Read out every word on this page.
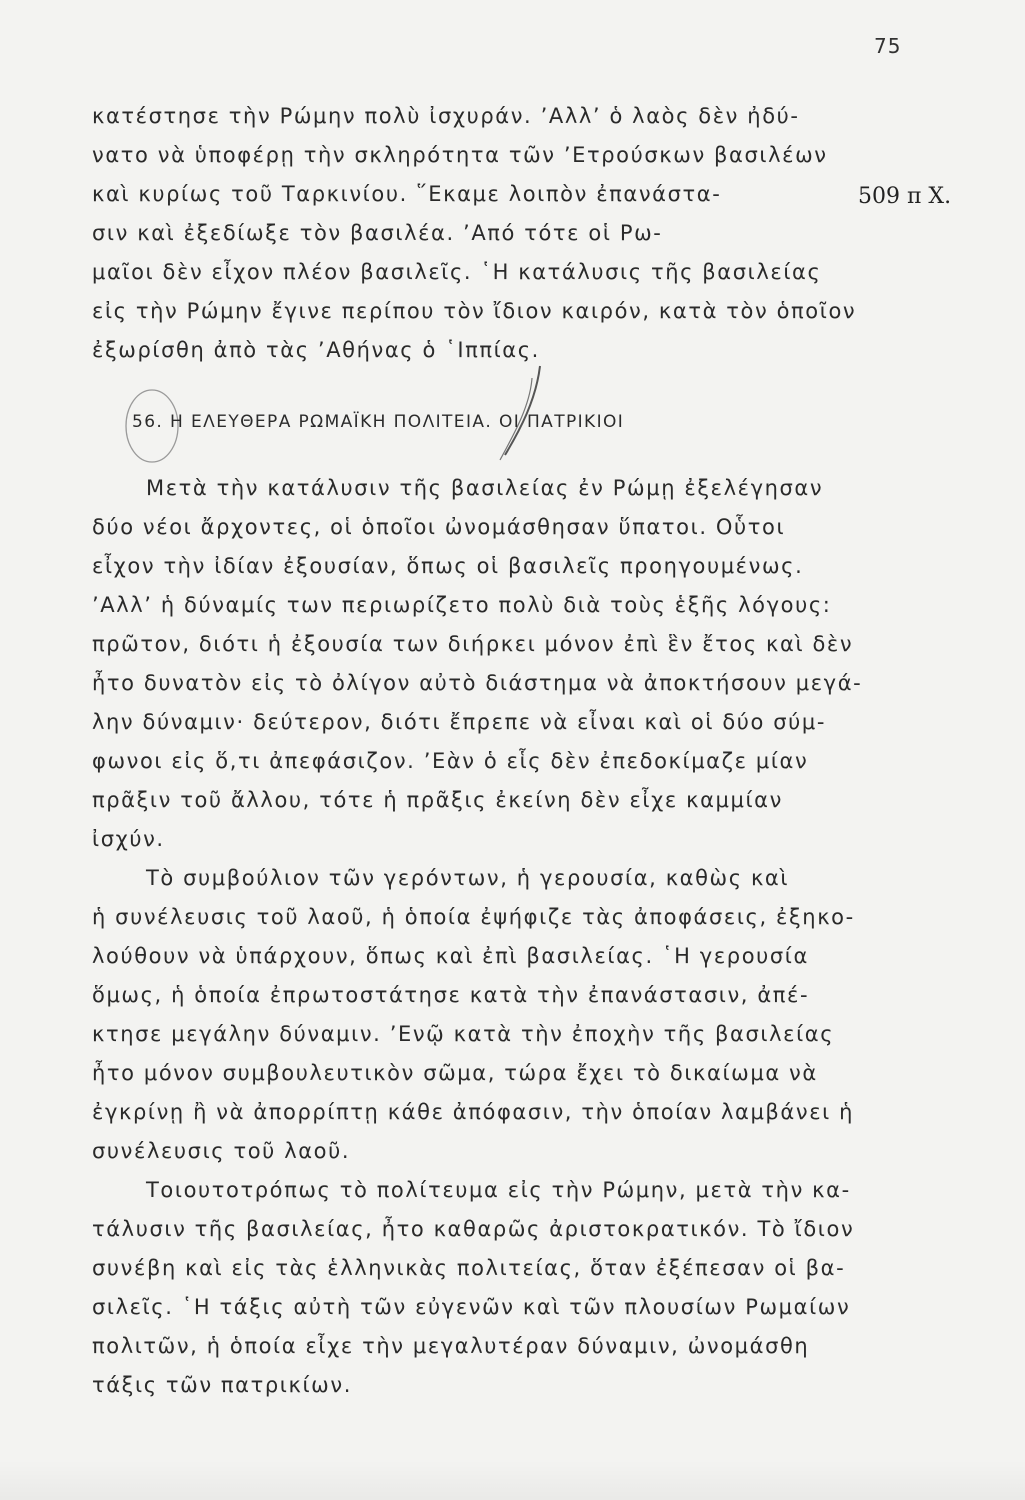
75
κατέστησε τὴν Ρώμην πολὺ ἰσχυράν. ’Αλλ’ ὁ λαὸς δὲν ἠδύ-
νατο νὰ ὑποφέρῃ τὴν σκληρότητα τῶν ’Ετρούσκων βασιλέων
καὶ κυρίως τοῦ Ταρκινίου. ῞Εκαμε λοιπὸν ἐπανάστα-
σιν καὶ ἐξεδίωξε τὸν βασιλέα. ’Από τότε οἱ Ρω-
μαῖοι δὲν εἶχον πλέον βασιλεῖς. ῾Η κατάλυσις τῆς βασιλείας
εἰς τὴν Ρώμην ἔγινε περίπου τὸν ἴδιον καιρόν, κατὰ τὸν ὁποῖον
ἐξωρίσθη ἀπὸ τὰς ’Αθήνας ὁ ῾Ιππίας.
509 π Χ.
56. Η ΕΛΕΥΘΕΡΑ ΡΩΜΑΪΚΗ ΠΟΛΙΤΕΙΑ. ΟΙ ΠΑΤΡΙΚΙΟΙ
Μετὰ τὴν κατάλυσιν τῆς βασιλείας ἐν Ρώμῃ ἐξελέγησαν
δύο νέοι ἄρχοντες, οἱ ὁποῖοι ὠνομάσθησαν ὕπατοι. Οὗτοι
εἶχον τὴν ἰδίαν ἐξουσίαν, ὅπως οἱ βασιλεῖς προηγουμένως.
’Αλλ’ ἡ δύναμίς των περιωρίζετο πολὺ διὰ τοὺς ἑξῆς λόγους:
πρῶτον, διότι ἡ ἐξουσία των διήρκει μόνον ἐπὶ ἓν ἔτος καὶ δὲν
ἦτο δυνατὸν εἰς τὸ ὀλίγον αὐτὸ διάστημα νὰ ἀποκτήσουν μεγά-
λην δύναμιν· δεύτερον, διότι ἔπρεπε νὰ εἶναι καὶ οἱ δύο σύμ-
φωνοι εἰς ὅ,τι ἀπεφάσιζον. ’Εὰν ὁ εἷς δὲν ἐπεδοκίμαζε μίαν
πρᾶξιν τοῦ ἄλλου, τότε ἡ πρᾶξις ἐκείνη δὲν εἶχε καμμίαν
ἰσχύν.
Τὸ συμβούλιον τῶν γερόντων, ἡ γερουσία, καθὼς καὶ
ἡ συνέλευσις τοῦ λαοῦ, ἡ ὁποία ἐψήφιζε τὰς ἀποφάσεις, ἐξηκο-
λούθουν νὰ ὑπάρχουν, ὅπως καὶ ἐπὶ βασιλείας. ῾Η γερουσία
ὅμως, ἡ ὁποία ἐπρωτοστάτησε κατὰ τὴν ἐπανάστασιν, ἀπέ-
κτησε μεγάλην δύναμιν. ’Ενῷ κατὰ τὴν ἐποχὴν τῆς βασιλείας
ἦτο μόνον συμβουλευτικὸν σῶμα, τώρα ἔχει τὸ δικαίωμα νὰ
ἐγκρίνῃ ἢ νὰ ἀπορρίπτῃ κάθε ἀπόφασιν, τὴν ὁποίαν λαμβάνει ἡ
συνέλευσις τοῦ λαοῦ.
Τοιουτοτρόπως τὸ πολίτευμα εἰς τὴν Ρώμην, μετὰ τὴν κα-
τάλυσιν τῆς βασιλείας, ἦτο καθαρῶς ἀριστοκρατικόν. Τὸ ἴδιον
συνέβη καὶ εἰς τὰς ἑλληνικὰς πολιτείας, ὅταν ἐξέπεσαν οἱ βα-
σιλεῖς. ῾Η τάξις αὐτὴ τῶν εὐγενῶν καὶ τῶν πλουσίων Ρωμαίων
πολιτῶν, ἡ ὁποία εἶχε τὴν μεγαλυτέραν δύναμιν, ὠνομάσθη
τάξις τῶν πατρικίων.
